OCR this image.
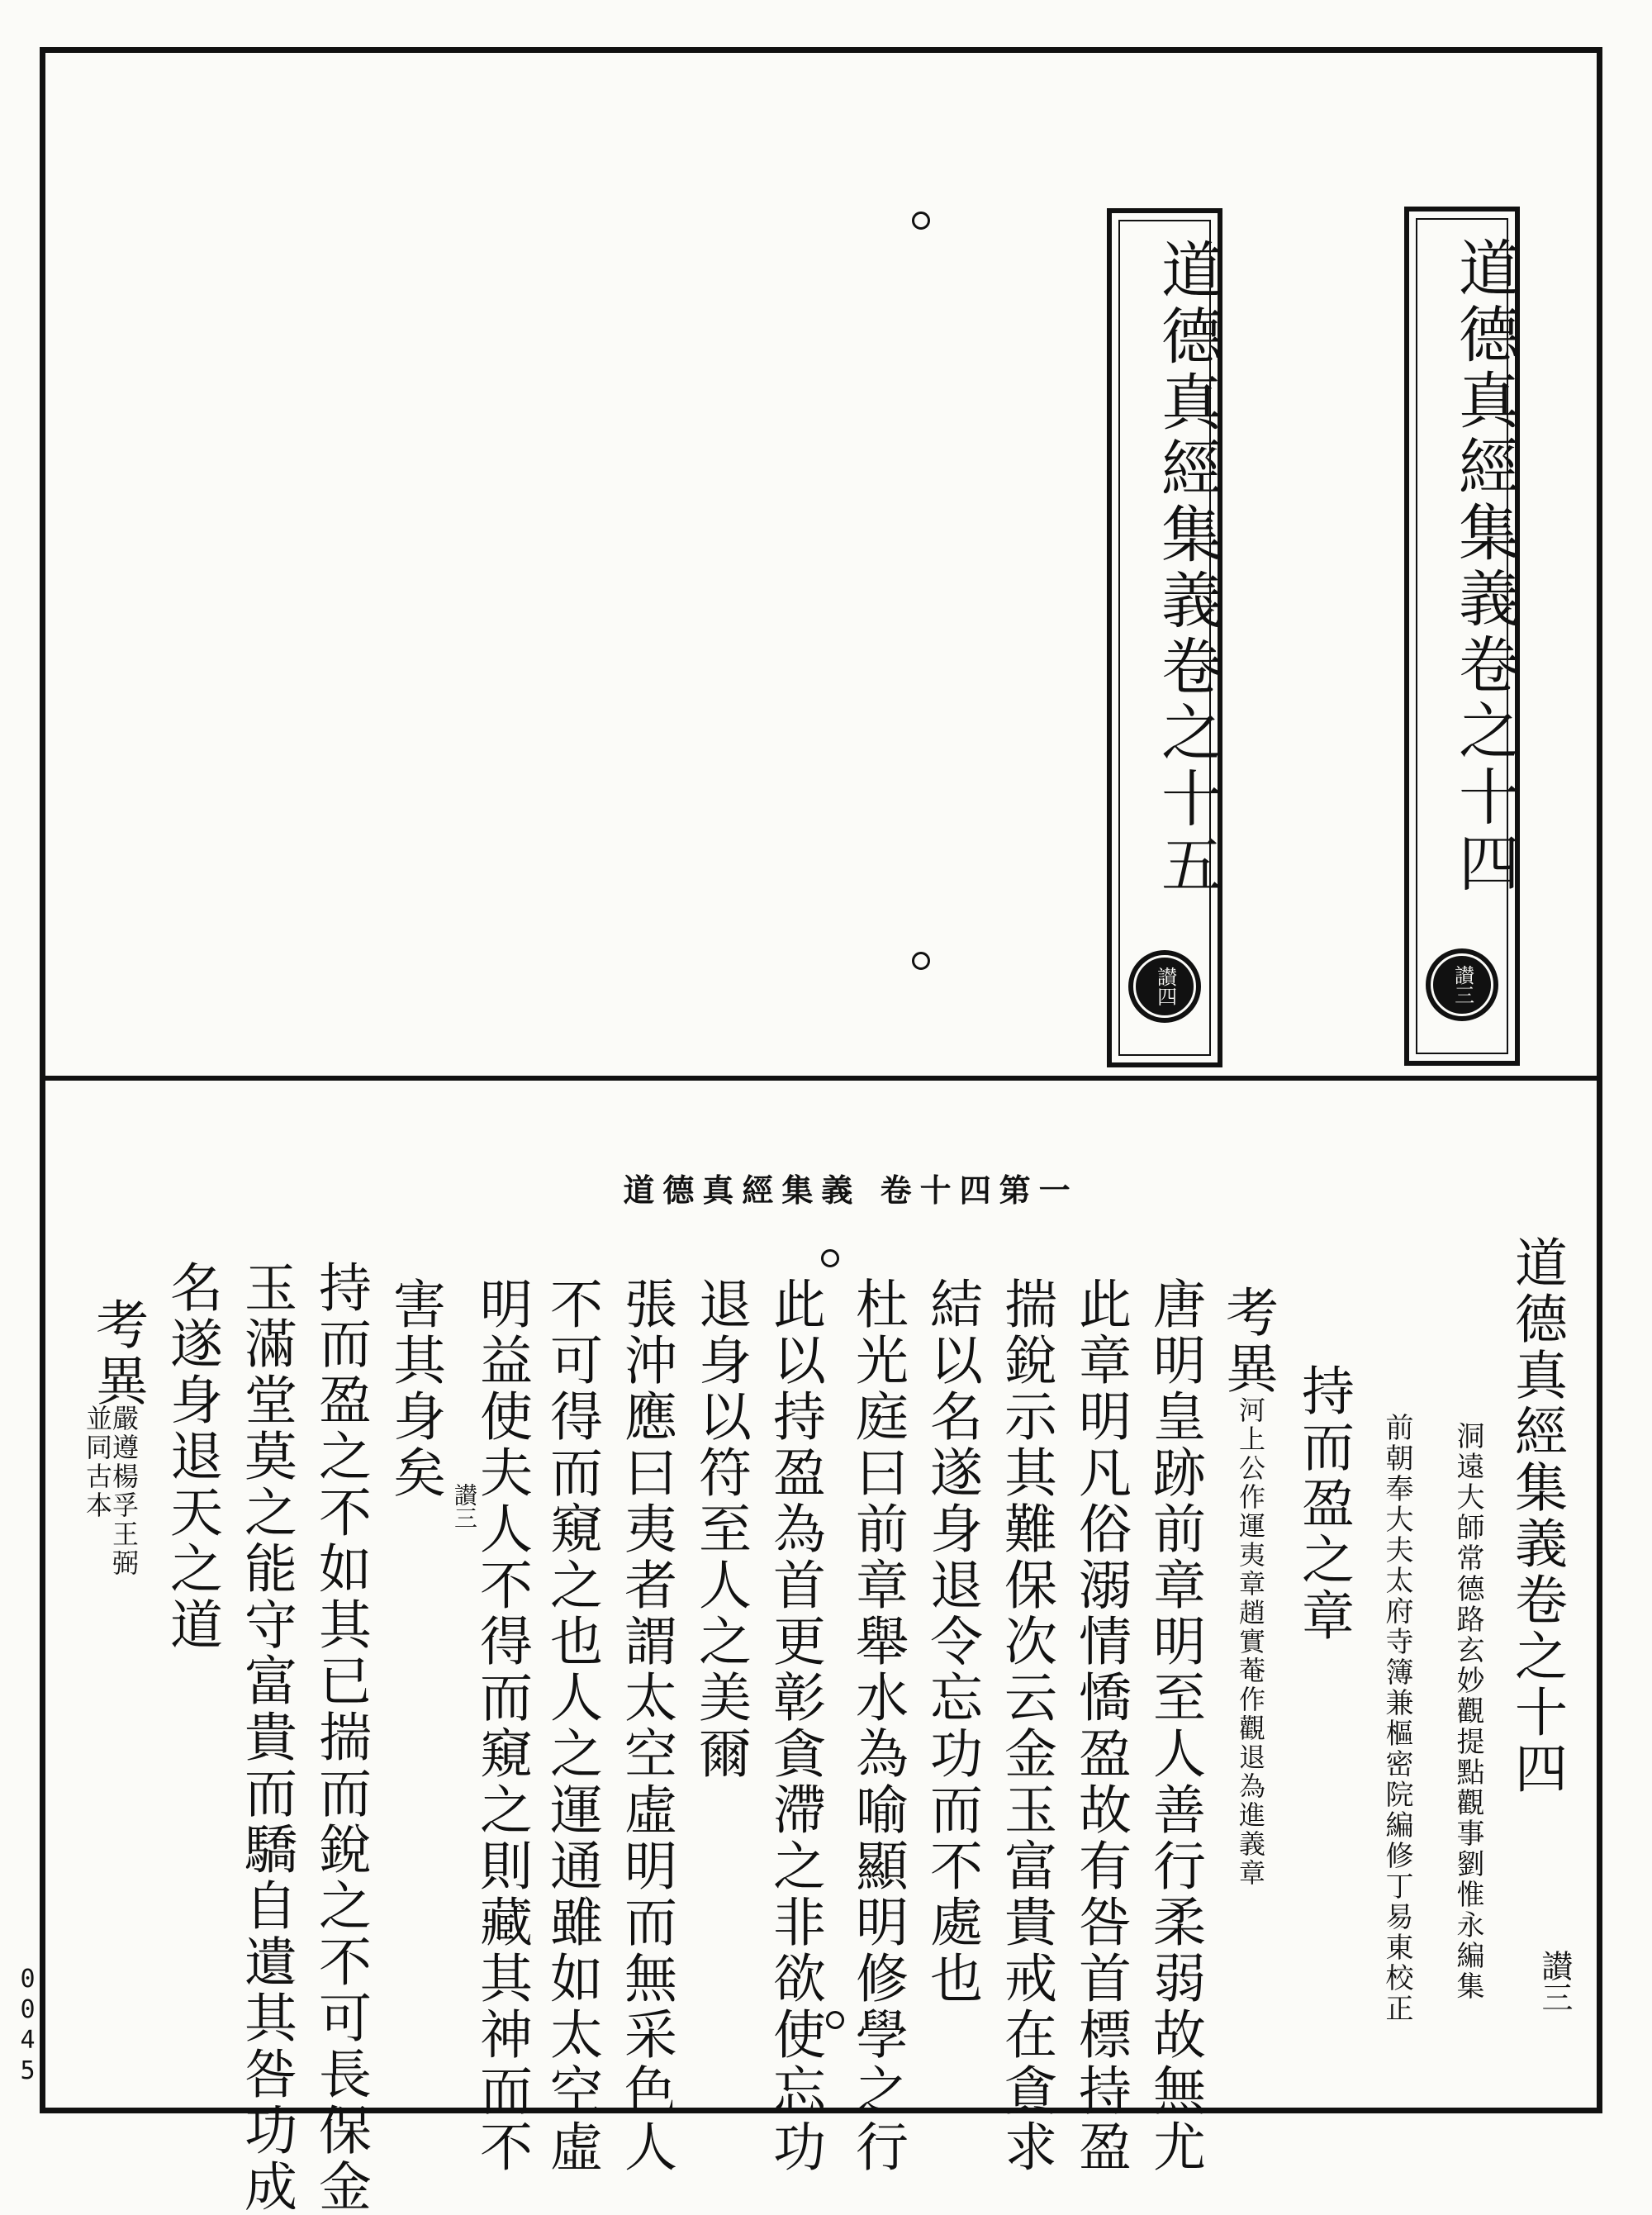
道德真經集義卷之十四
讃三
道德真經集義卷之十五
讃四
道德真經集義 卷十四第一
道德真經集義卷之十四
洞遠大師常德路玄妙觀提點觀事劉惟永編集
前朝奉大夫太府寺簿兼樞密院編修丁易東校正
持而盈之章
考異
河上公作運夷章趙實菴作觀退為進義章
唐明皇跡前章明至人善行柔弱故無尤
此章明凡俗溺情憍盈故有咎首標持盈
揣銳示其難保次云金玉富貴戒在貪求
結以名遂身退令忘功而不處也
杜光庭曰前章舉水為喻顯明修學之行
此以持盈為首更彰貪滯之非欲使忘功
退身以符至人之美爾
張沖應曰夷者謂太空虛明而無采色人
不可得而窺之也人之運通雖如太空虛
明益使夫人不得而窺之則藏其神而不
害其身矣
持而盈之不如其已揣而銳之不可長保金
玉滿堂莫之能守富貴而驕自遺其咎功成
名遂身退天之道
考異
嚴遵楊孚王弼並同古本	讃三
讃三
0045
